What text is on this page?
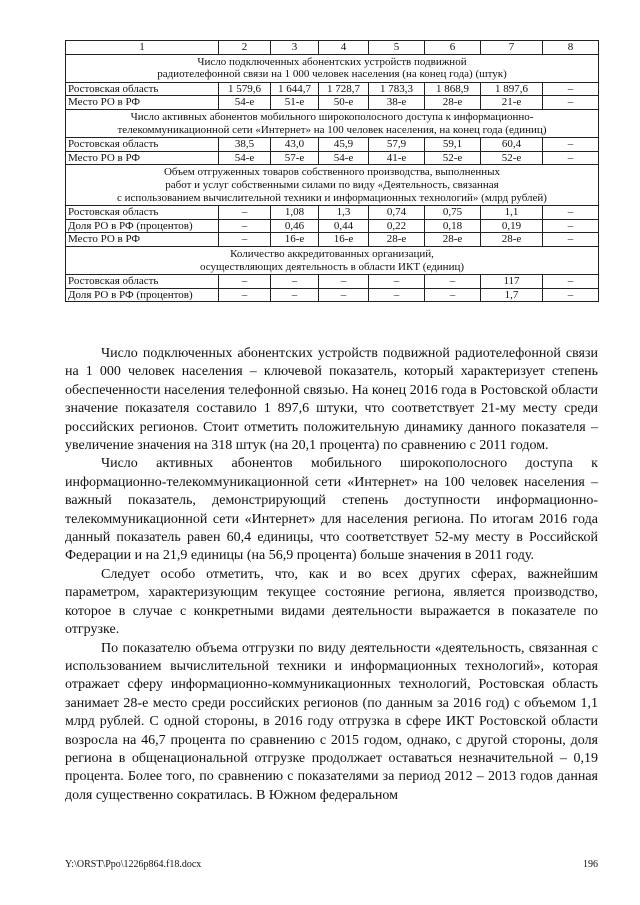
1	2	3	4	5	6	7	8

Число подключенных абонентских устройств подвижной
радиотелефонной связи на 1 000 человек населения (на конец года) (штук)							

Ростовская область	1 579,6	1 644,7	1 728,7	1 783,3	1 868,9	1 897,6	–
Место РО в РФ	54-е	51-е	50-е	38-е	28-е	21-е	–

Число активных абонентов мобильного широкополосного доступа к информационно-
телекоммуникационной сети «Интернет» на 100 человек населения, на конец года (единиц)							

Ростовская область	38,5	43,0	45,9	57,9	59,1	60,4	–
Место РО в РФ	54-е	57-е	54-е	41-е	52-е	52-е	–

Объем отгруженных товаров собственного производства, выполненных
работ и услуг собственными силами по виду «Деятельность, связанная
с использованием вычислительной техники и информационных технологий» (млрд рублей)							

Ростовская область	–	1,08	1,3	0,74	0,75	1,1	–
Доля РО в РФ (процентов)	–	0,46	0,44	0,22	0,18	0,19	–
Место РО в РФ	–	16-е	16-е	28-е	28-е	28-е	–

Количество аккредитованных организаций,
осуществляющих деятельность в области ИКТ (единиц)							

Ростовская область	–	–	–	–	–	117	–
Доля РО в РФ (процентов)	–	–	–	–	–	1,7	–

Число подключенных абонентских устройств подвижной радиотелефонной связи на 1 000 человек населения – ключевой показатель, который характеризует степень обеспеченности населения телефонной связью. На конец 2016 года в Ростовской области значение показателя составило 1 897,6 штуки, что соответствует 21-му месту среди российских регионов. Стоит отметить положительную динамику данного показателя – увеличение значения на 318 штук (на 20,1 процента) по сравнению с 2011 годом.

Число активных абонентов мобильного широкополосного доступа к информационно-телекоммуникационной сети «Интернет» на 100 человек населения – важный показатель, демонстрирующий степень доступности информационно-телекоммуникационной сети «Интернет» для населения региона. По итогам 2016 года данный показатель равен 60,4 единицы, что соответствует 52-му месту в Российской Федерации и на 21,9 единицы (на 56,9 процента) больше значения в 2011 году.

Следует особо отметить, что, как и во всех других сферах, важнейшим параметром, характеризующим текущее состояние региона, является производство, которое в случае с конкретными видами деятельности выражается в показателе по отгрузке.

По показателю объема отгрузки по виду деятельности «деятельность, связанная с использованием вычислительной техники и информационных технологий», которая отражает сферу информационно-коммуникационных технологий, Ростовская область занимает 28-е место среди российских регионов (по данным за 2016 год) с объемом 1,1 млрд рублей. С одной стороны, в 2016 году отгрузка в сфере ИКТ Ростовской области возросла на 46,7 процента по сравнению с 2015 годом, однако, с другой стороны, доля региона в общенациональной отгрузке продолжает оставаться незначительной – 0,19 процента. Более того, по сравнению с показателями за период 2012 – 2013 годов данная доля существенно сократилась. В Южном федеральном

Y:\ORST\Ppo\1226p864.f18.docx	196
